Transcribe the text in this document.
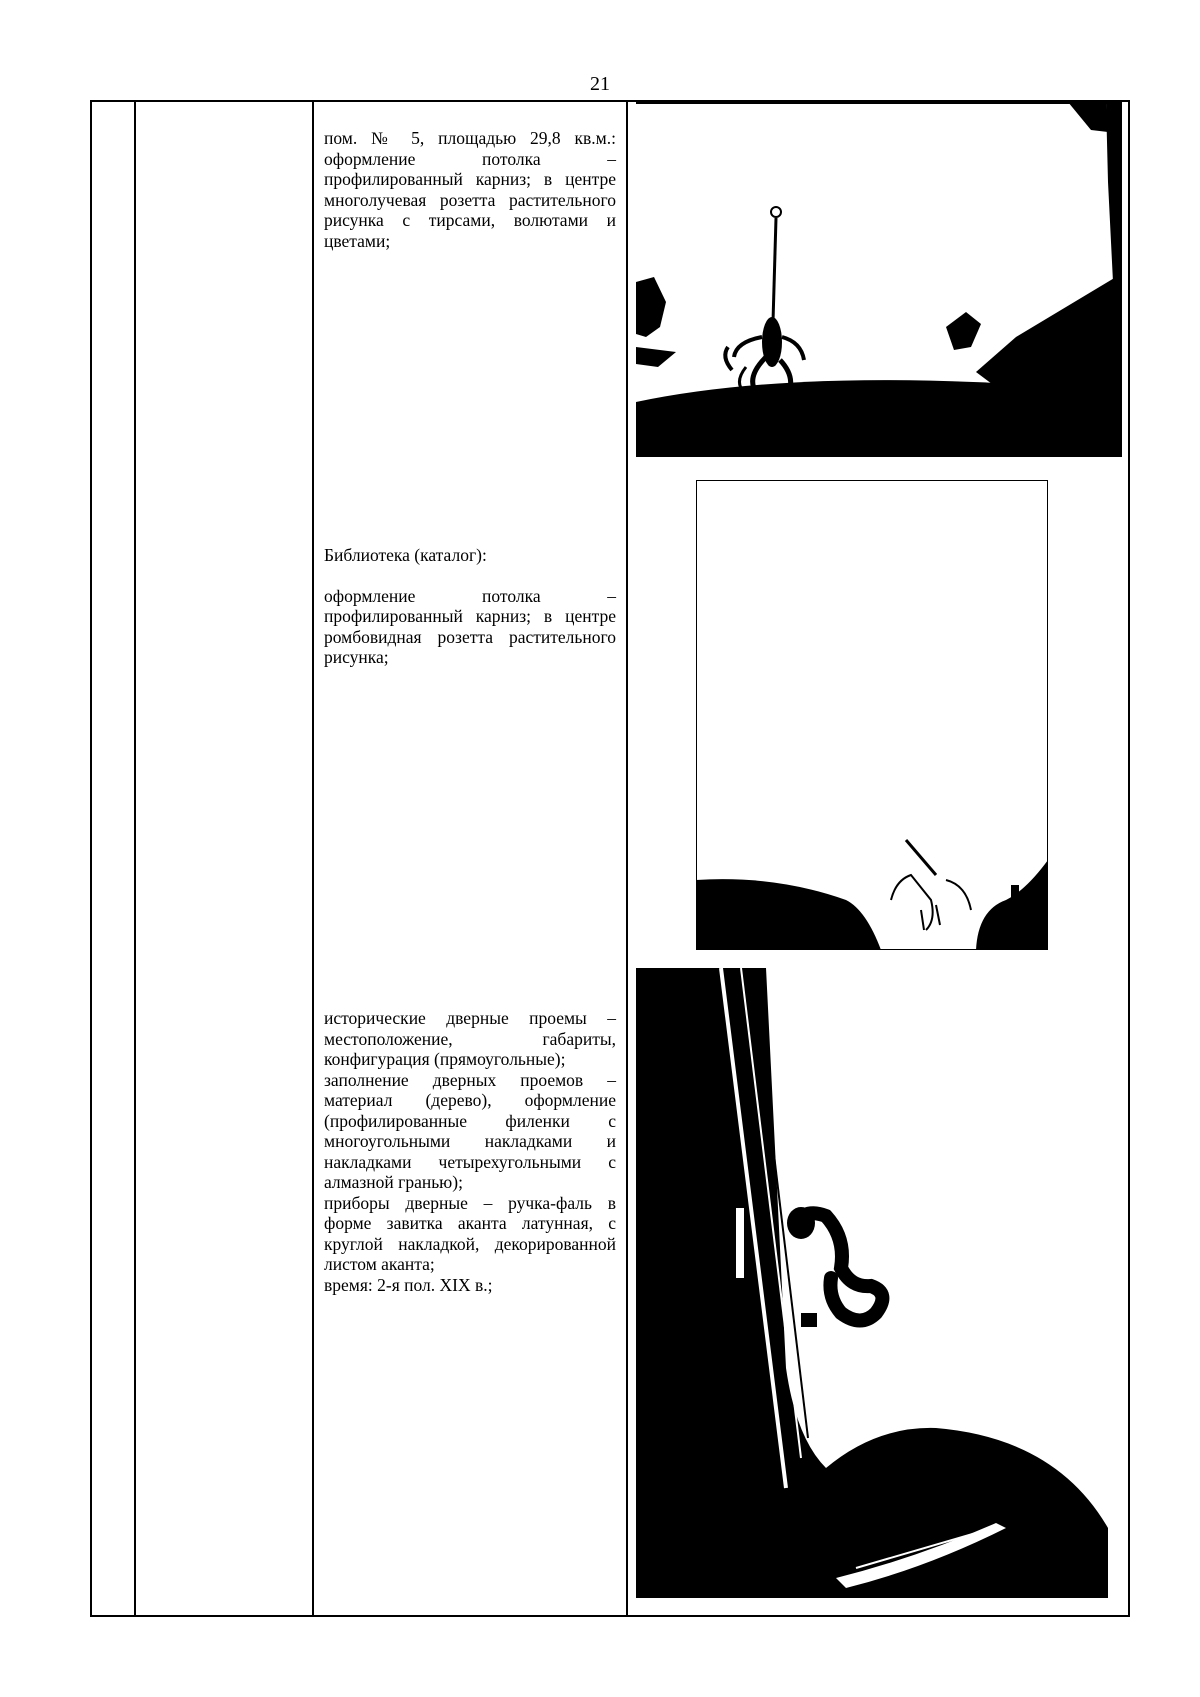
21

пом. № 5, площадью 29,8 кв.м.: оформление потолка – профилированный карниз; в центре многолучевая розетта растительного рисунка с тирсами, волютами и цветами;

Библиотека (каталог):

оформление потолка – профилированный карниз; в центре ромбовидная розетта растительного рисунка;

исторические дверные проемы – местоположение, габариты, конфигурация (прямоугольные);

заполнение дверных проемов – материал (дерево), оформление (профилированные филенки с многоугольными накладками и накладками четырехугольными с алмазной гранью);

приборы дверные – ручка-фаль в форме завитка аканта латунная, с круглой накладкой, декорированной листом аканта;

время: 2-я пол. XIX в.;
